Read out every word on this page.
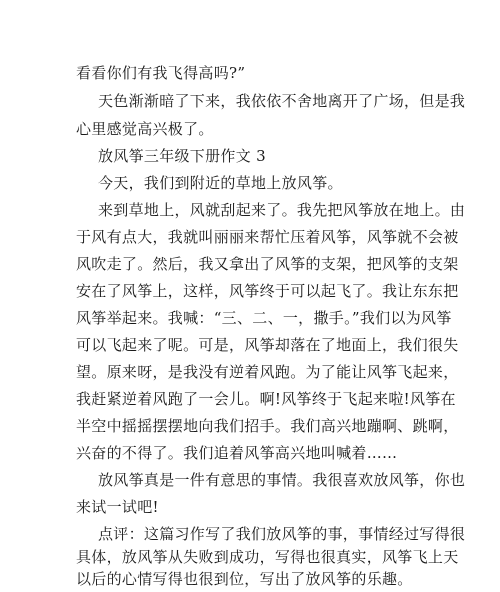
看看你们有我飞得高吗?”
天色渐渐暗了下来，我依依不舍地离开了广场，但是我
心里感觉高兴极了。
放风筝三年级下册作文 3
今天，我们到附近的草地上放风筝。
来到草地上，风就刮起来了。我先把风筝放在地上。由
于风有点大，我就叫丽丽来帮忙压着风筝，风筝就不会被
风吹走了。然后，我又拿出了风筝的支架，把风筝的支架
安在了风筝上，这样，风筝终于可以起飞了。我让东东把
风筝举起来。我喊：“三、二、一，撒手。”我们以为风筝
可以飞起来了呢。可是，风筝却落在了地面上，我们很失
望。原来呀，是我没有逆着风跑。为了能让风筝飞起来，
我赶紧逆着风跑了一会儿。啊!风筝终于飞起来啦!风筝在
半空中摇摇摆摆地向我们招手。我们高兴地蹦啊、跳啊，
兴奋的不得了。我们追着风筝高兴地叫喊着……
放风筝真是一件有意思的事情。我很喜欢放风筝，你也
来试一试吧!
点评：这篇习作写了我们放风筝的事，事情经过写得很
具体，放风筝从失败到成功，写得也很真实，风筝飞上天
以后的心情写得也很到位，写出了放风筝的乐趣。
